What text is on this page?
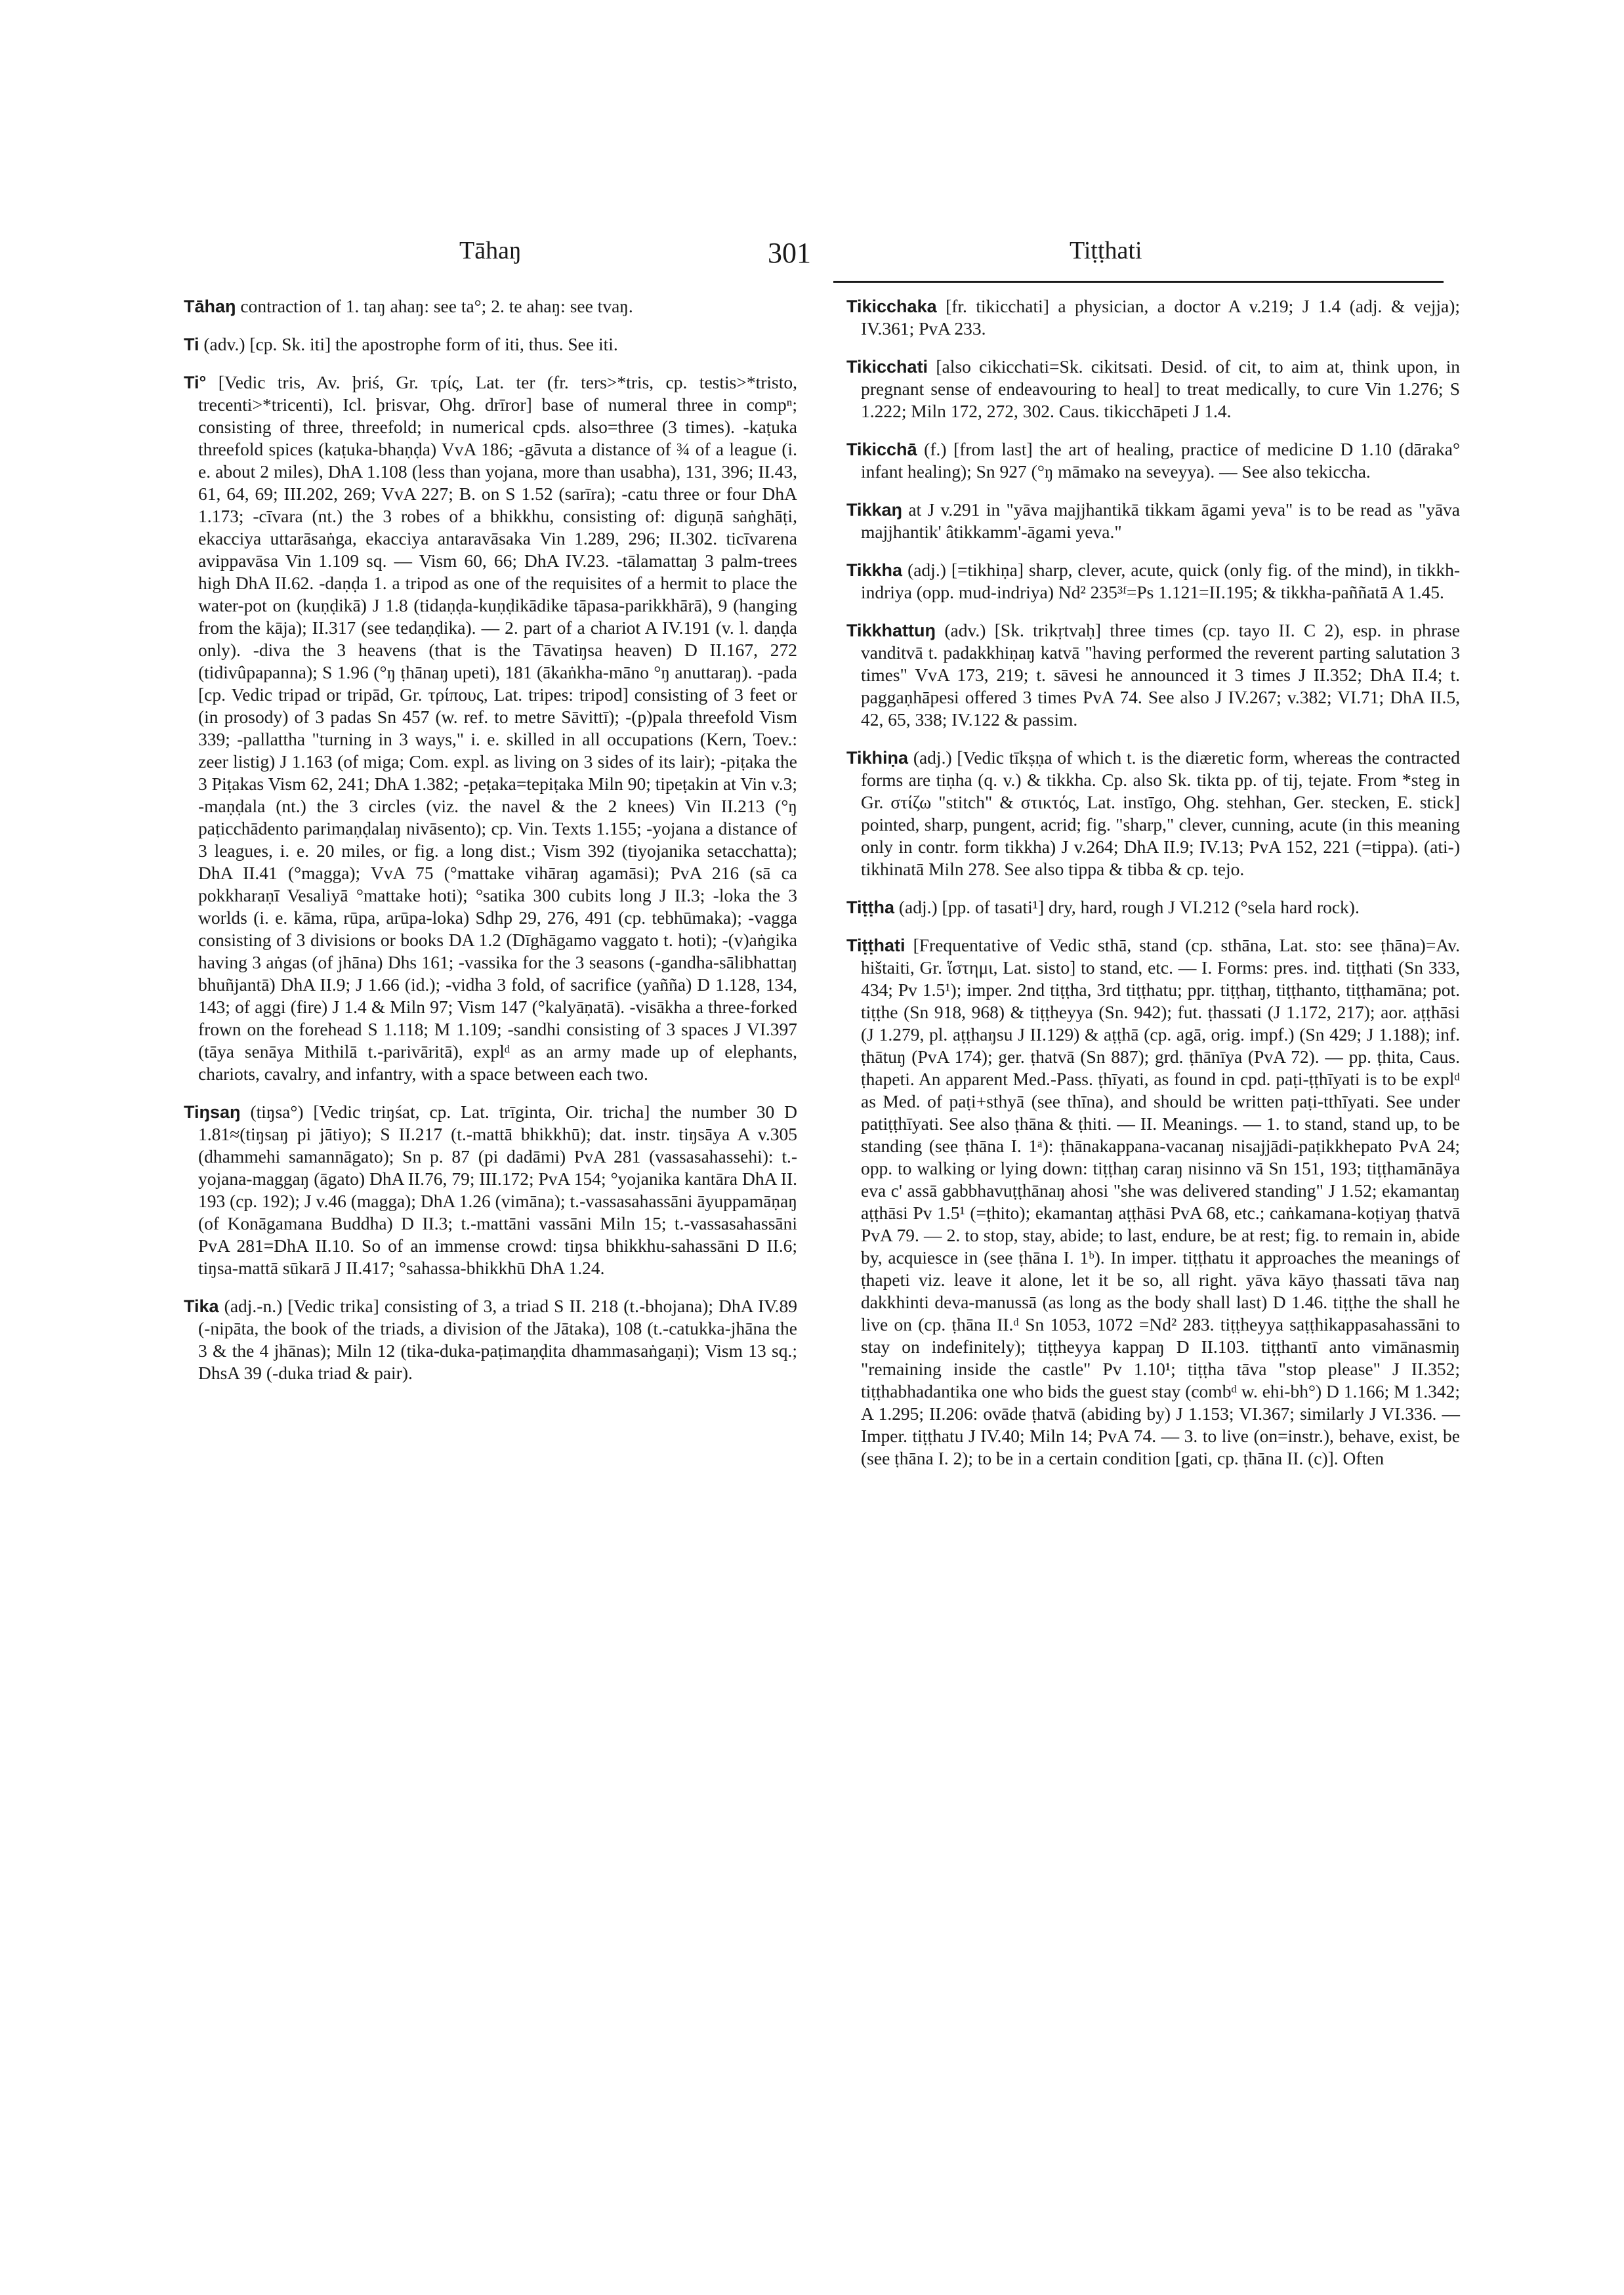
Tāhaŋ	301	Tiṭṭhati

Tāhaŋ contraction of 1. taŋ ahaŋ: see ta°; 2. te ahaŋ: see tvaŋ.

Ti (adv.) [cp. Sk. iti] the apostrophe form of iti, thus. See iti.

Ti° [Vedic tris, Av. þriś, Gr. τρίς, Lat. ter (fr. ters>*tris, cp. testis>*tristo, trecenti>*tricenti), Icl. þrisvar, Ohg. drīror] base of numeral three in compⁿ; consisting of three, threefold; in numerical cpds. also=three (3 times). -kaṭuka threefold spices (kaṭuka-bhaṇḍa) VvA 186; -gāvuta a distance of ¾ of a league (i. e. about 2 miles), DhA 1.108 (less than yojana, more than usabha), 131, 396; II.43, 61, 64, 69; III.202, 269; VvA 227; B. on S 1.52 (sarīra); -catu three or four DhA 1.173; -cīvara (nt.) the 3 robes of a bhikkhu, consisting of: diguṇā saṅghāṭi, ekacciya uttarāsaṅga, ekacciya antaravāsaka Vin 1.289, 296; II.302. ticīvarena avippavāsa Vin 1.109 sq. — Vism 60, 66; DhA IV.23. -tālamattaŋ 3 palm-trees high DhA II.62. -daṇḍa 1. a tripod as one of the requisites of a hermit to place the water-pot on (kuṇḍikā) J 1.8 (tidaṇḍa-kuṇḍikādike tāpasa-parikkhārā), 9 (hanging from the kāja); II.317 (see tedaṇḍika). — 2. part of a chariot A IV.191 (v. l. daṇḍa only). -diva the 3 heavens (that is the Tāvatiŋsa heaven) D II.167, 272 (tidivûpapanna); S 1.96 (°ŋ ṭhānaŋ upeti), 181 (ākaṅkha-māno °ŋ anuttaraŋ). -pada [cp. Vedic tripad or tripād, Gr. τρίπους, Lat. tripes: tripod] consisting of 3 feet or (in prosody) of 3 padas Sn 457 (w. ref. to metre Sāvittī); -(p)pala threefold Vism 339; -pallattha "turning in 3 ways," i. e. skilled in all occupations (Kern, Toev.: zeer listig) J 1.163 (of miga; Com. expl. as living on 3 sides of its lair); -piṭaka the 3 Piṭakas Vism 62, 241; DhA 1.382; -peṭaka=tepiṭaka Miln 90; tipeṭakin at Vin v.3; -maṇḍala (nt.) the 3 circles (viz. the navel & the 2 knees) Vin II.213 (°ŋ paṭicchādento parimaṇḍalaŋ nivāsento); cp. Vin. Texts 1.155; -yojana a distance of 3 leagues, i. e. 20 miles, or fig. a long dist.; Vism 392 (tiyojanika setacchatta); DhA II.41 (°magga); VvA 75 (°mattake vihāraŋ agamāsi); PvA 216 (sā ca pokkharaṇī Vesaliyā °mattake hoti); °satika 300 cubits long J II.3; -loka the 3 worlds (i. e. kāma, rūpa, arūpa-loka) Sdhp 29, 276, 491 (cp. tebhūmaka); -vagga consisting of 3 divisions or books DA 1.2 (Dīghāgamo vaggato t. hoti); -(v)aṅgika having 3 aṅgas (of jhāna) Dhs 161; -vassika for the 3 seasons (-gandha-sālibhattaŋ bhuñjantā) DhA II.9; J 1.66 (id.); -vidha 3 fold, of sacrifice (yañña) D 1.128, 134, 143; of aggi (fire) J 1.4 & Miln 97; Vism 147 (°kalyāṇatā). -visākha a three-forked frown on the forehead S 1.118; M 1.109; -sandhi consisting of 3 spaces J VI.397 (tāya senāya Mithilā t.-parivāritā), explᵈ as an army made up of elephants, chariots, cavalry, and infantry, with a space between each two.

Tiŋsaŋ (tiŋsa°) [Vedic triŋśat, cp. Lat. trīginta, Oir. tricha] the number 30 D 1.81≈(tiŋsaŋ pi jātiyo); S II.217 (t.-mattā bhikkhū); dat. instr. tiŋsāya A v.305 (dhammehi samannāgato); Sn p. 87 (pi dadāmi) PvA 281 (vassasahassehi): t.-yojana-maggaŋ (āgato) DhA II.76, 79; III.172; PvA 154; °yojanika kantāra DhA II. 193 (cp. 192); J v.46 (magga); DhA 1.26 (vimāna); t.-vassasahassāni āyuppamāṇaŋ (of Konāgamana Buddha) D II.3; t.-mattāni vassāni Miln 15; t.-vassasahassāni PvA 281=DhA II.10. So of an immense crowd: tiŋsa bhikkhu-sahassāni D II.6; tiŋsa-mattā sūkarā J II.417; °sahassa-bhikkhū DhA 1.24.

Tika (adj.-n.) [Vedic trika] consisting of 3, a triad S II. 218 (t.-bhojana); DhA IV.89 (-nipāta, the book of the triads, a division of the Jātaka), 108 (t.-catukka-jhāna the 3 & the 4 jhānas); Miln 12 (tika-duka-paṭimaṇḍita dhammasaṅgaṇi); Vism 13 sq.; DhsA 39 (-duka triad & pair).

Tikicchaka [fr. tikicchati] a physician, a doctor A v.219; J 1.4 (adj. & vejja); IV.361; PvA 233.

Tikicchati [also cikicchati=Sk. cikitsati. Desid. of cit, to aim at, think upon, in pregnant sense of endeavouring to heal] to treat medically, to cure Vin 1.276; S 1.222; Miln 172, 272, 302. Caus. tikicchāpeti J 1.4.

Tikicchā (f.) [from last] the art of healing, practice of medicine D 1.10 (dāraka° infant healing); Sn 927 (°ŋ māmako na seveyya). — See also tekiccha.

Tikkaŋ at J v.291 in "yāva majjhantikā tikkam āgami yeva" is to be read as "yāva majjhantik' âtikkamm'-āgami yeva."

Tikkha (adj.) [=tikhiṇa] sharp, clever, acute, quick (only fig. of the mind), in tikkh-indriya (opp. mud-indriya) Nd² 235³ᶠ=Ps 1.121=II.195; & tikkha-paññatā A 1.45.

Tikkhattuŋ (adv.) [Sk. trikṛtvaḥ] three times (cp. tayo II. C 2), esp. in phrase vanditvā t. padakkhiṇaŋ katvā "having performed the reverent parting salutation 3 times" VvA 173, 219; t. sāvesi he announced it 3 times J II.352; DhA II.4; t. paggaṇhāpesi offered 3 times PvA 74. See also J IV.267; v.382; VI.71; DhA II.5, 42, 65, 338; IV.122 & passim.

Tikhiṇa (adj.) [Vedic tīkṣṇa of which t. is the diæretic form, whereas the contracted forms are tiṇha (q. v.) & tikkha. Cp. also Sk. tikta pp. of tij, tejate. From *steg in Gr. στίζω "stitch" & στικτός, Lat. instīgo, Ohg. stehhan, Ger. stecken, E. stick] pointed, sharp, pungent, acrid; fig. "sharp," clever, cunning, acute (in this meaning only in contr. form tikkha) J v.264; DhA II.9; IV.13; PvA 152, 221 (=tippa). (ati-) tikhinatā Miln 278. See also tippa & tibba & cp. tejo.

Tiṭṭha (adj.) [pp. of tasati¹] dry, hard, rough J VI.212 (°sela hard rock).

Tiṭṭhati [Frequentative of Vedic sthā, stand (cp. sthāna, Lat. sto: see ṭhāna)=Av. hištaiti, Gr. ἵστημι, Lat. sisto] to stand, etc. — I. Forms: pres. ind. tiṭṭhati (Sn 333, 434; Pv 1.5¹); imper. 2nd tiṭṭha, 3rd tiṭṭhatu; ppr. tiṭṭhaŋ, tiṭṭhanto, tiṭṭhamāna; pot. tiṭṭhe (Sn 918, 968) & tiṭṭheyya (Sn. 942); fut. ṭhassati (J 1.172, 217); aor. aṭṭhāsi (J 1.279, pl. aṭṭhaŋsu J II.129) & aṭṭhā (cp. agā, orig. impf.) (Sn 429; J 1.188); inf. ṭhātuŋ (PvA 174); ger. ṭhatvā (Sn 887); grd. ṭhānīya (PvA 72). — pp. ṭhita, Caus. ṭhapeti. An apparent Med.-Pass. ṭhīyati, as found in cpd. paṭi-ṭṭhīyati is to be explᵈ as Med. of paṭi+sthyā (see thīna), and should be written paṭi-tthīyati. See under patiṭṭhīyati. See also ṭhāna & ṭhiti. — II. Meanings. — 1. to stand, stand up, to be standing (see ṭhāna I. 1ᵃ): ṭhānakappana-vacanaŋ nisajjādi-paṭikkhepato PvA 24; opp. to walking or lying down: tiṭṭhaŋ caraŋ nisinno vā Sn 151, 193; tiṭṭhamānāya eva c' assā gabbhavuṭṭhānaŋ ahosi "she was delivered standing" J 1.52; ekamantaŋ aṭṭhāsi Pv 1.5¹ (=ṭhito); ekamantaŋ aṭṭhāsi PvA 68, etc.; caṅkamana-koṭiyaŋ ṭhatvā PvA 79. — 2. to stop, stay, abide; to last, endure, be at rest; fig. to remain in, abide by, acquiesce in (see ṭhāna I. 1ᵇ). In imper. tiṭṭhatu it approaches the meanings of ṭhapeti viz. leave it alone, let it be so, all right. yāva kāyo ṭhassati tāva naŋ dakkhinti deva-manussā (as long as the body shall last) D 1.46. tiṭṭhe the shall he live on (cp. ṭhāna II.ᵈ Sn 1053, 1072 =Nd² 283. tiṭṭheyya saṭṭhikappasahassāni to stay on indefinitely); tiṭṭheyya kappaŋ D II.103. tiṭṭhantī anto vimānasmiŋ "remaining inside the castle" Pv 1.10¹; tiṭṭha tāva "stop please" J II.352; tiṭṭhabhadantika one who bids the guest stay (combᵈ w. ehi-bh°) D 1.166; M 1.342; A 1.295; II.206: ovāde ṭhatvā (abiding by) J 1.153; VI.367; similarly J VI.336. — Imper. tiṭṭhatu J IV.40; Miln 14; PvA 74. — 3. to live (on=instr.), behave, exist, be (see ṭhāna I. 2); to be in a certain condition [gati, cp. ṭhāna II. (c)]. Often
